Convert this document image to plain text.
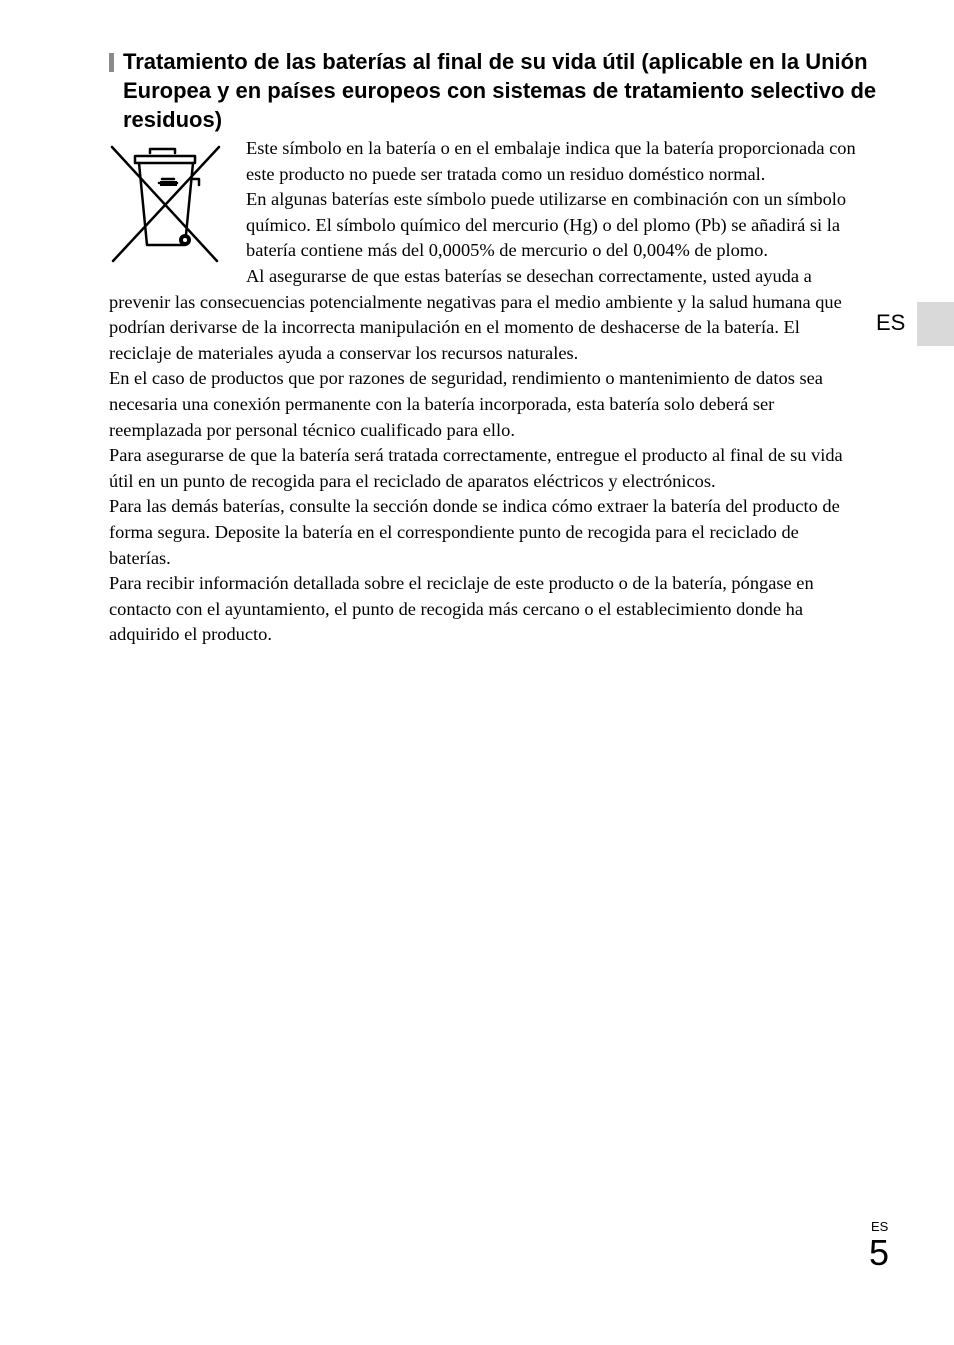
Tratamiento de las baterías al final de su vida útil (aplicable en la Unión Europea y en países europeos con sistemas de tratamiento selectivo de residuos)

Este símbolo en la batería o en el embalaje indica que la batería proporcionada con este producto no puede ser tratada como un residuo doméstico normal.

En algunas baterías este símbolo puede utilizarse en combinación con un símbolo químico. El símbolo químico del mercurio (Hg) o del plomo (Pb) se añadirá si la batería contiene más del 0,0005% de mercurio o del 0,004% de plomo.

Al asegurarse de que estas baterías se desechan correctamente, usted ayuda a prevenir las consecuencias potencialmente negativas para el medio ambiente y la salud humana que podrían derivarse de la incorrecta manipulación en el momento de deshacerse de la batería. El reciclaje de materiales ayuda a conservar los recursos naturales.

En el caso de productos que por razones de seguridad, rendimiento o mantenimiento de datos sea necesaria una conexión permanente con la batería incorporada, esta batería solo deberá ser reemplazada por personal técnico cualificado para ello.

Para asegurarse de que la batería será tratada correctamente, entregue el producto al final de su vida útil en un punto de recogida para el reciclado de aparatos eléctricos y electrónicos.

Para las demás baterías, consulte la sección donde se indica cómo extraer la batería del producto de forma segura. Deposite la batería en el correspondiente punto de recogida para el reciclado de baterías.

Para recibir información detallada sobre el reciclaje de este producto o de la batería, póngase en contacto con el ayuntamiento, el punto de recogida más cercano o el establecimiento donde ha adquirido el producto.

ES
ES
5
